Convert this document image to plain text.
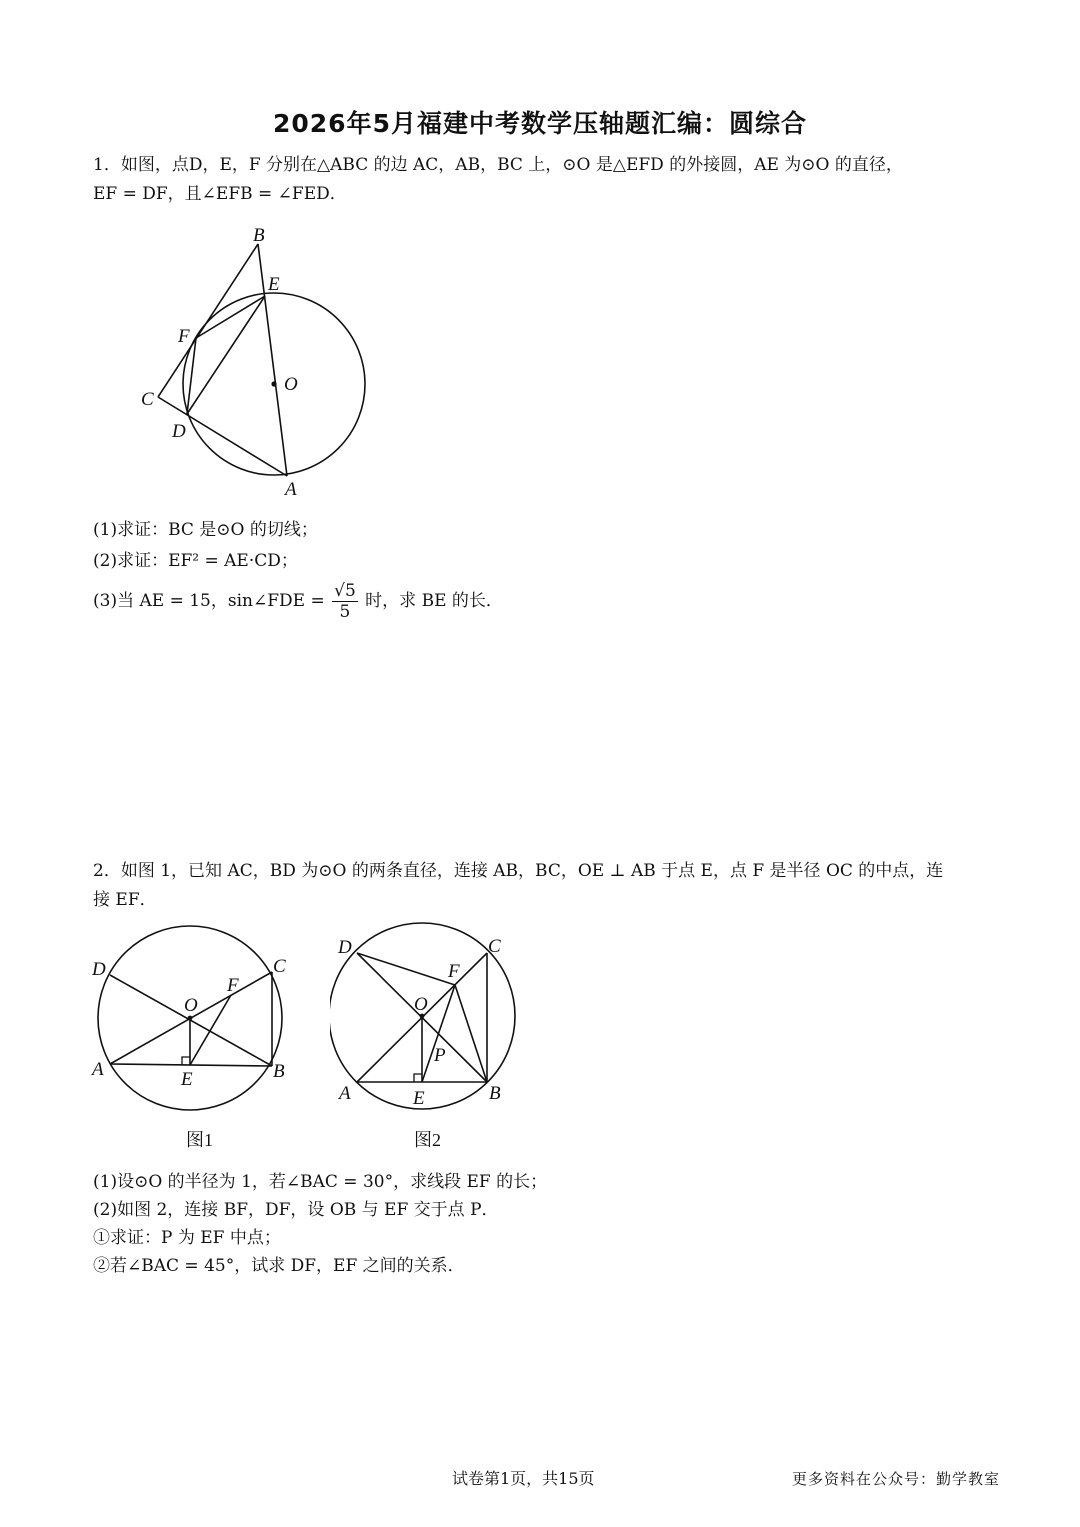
2026年5月福建中考数学压轴题汇编：圆综合
1．如图，点D，E，F 分别在△ABC 的边 AC，AB，BC 上，⊙O 是△EFD 的外接圆，AE 为⊙O 的直径，
EF = DF，且∠EFB = ∠FED．
B
E
F
O
C
D
A
(1)求证：BC 是⊙O 的切线；
(2)求证：EF² = AE·CD；
(3)当 AE = 15，sin∠FDE = $\frac{√5}{5}$ 时，求 BE 的长．
2．如图 1，已知 AC，BD 为⊙O 的两条直径，连接 AB，BC，OE ⊥ AB 于点 E，点 F 是半径 OC 的中点，连
接 EF．
D	C
O
F
A	E	B
图1
D	C
F
O
P
A	E	B
图2
(1)设⊙O 的半径为 1，若∠BAC = 30°，求线段 EF 的长；
(2)如图 2，连接 BF，DF，设 OB 与 EF 交于点 P．
①求证：P 为 EF 中点；
②若∠BAC = 45°，试求 DF，EF 之间的关系．
试卷第1页，共15页	更多资料在公众号：勤学教室
